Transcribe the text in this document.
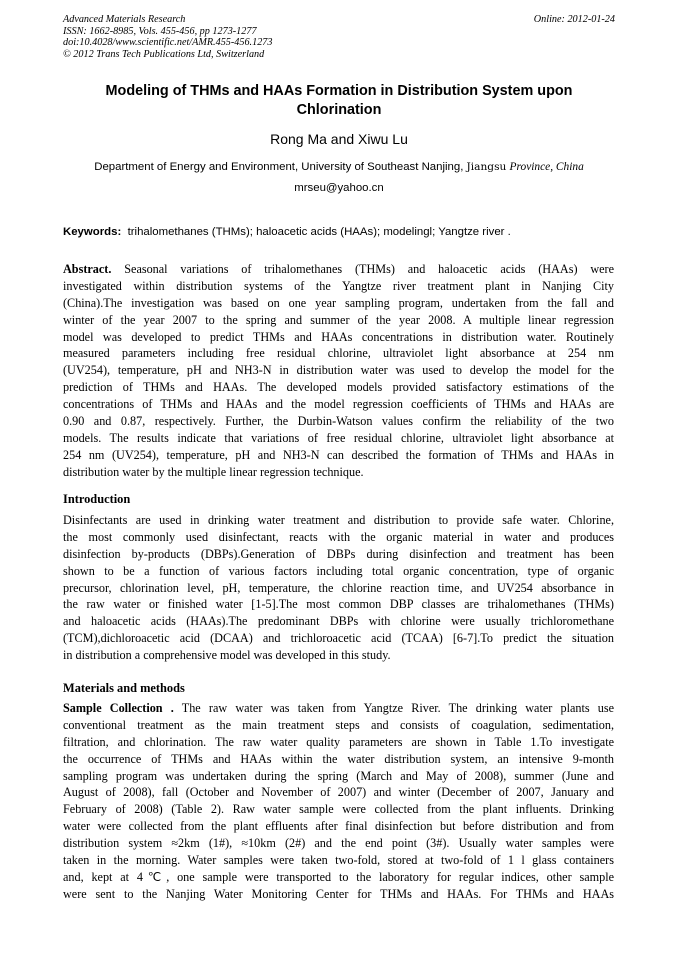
Advanced Materials Research
ISSN: 1662-8985, Vols. 455-456, pp 1273-1277
doi:10.4028/www.scientific.net/AMR.455-456.1273
© 2012 Trans Tech Publications Ltd, Switzerland
Online: 2012-01-24
Modeling of THMs and HAAs Formation in Distribution System upon Chlorination
Rong Ma and Xiwu Lu
Department of Energy and Environment, University of Southeast Nanjing, Jiangsu Province, China
mrseu@yahoo.cn
Keywords: trihalomethanes (THMs); haloacetic acids (HAAs); modelingl; Yangtze river .
Abstract. Seasonal variations of trihalomethanes (THMs) and haloacetic acids (HAAs) were
investigated within distribution systems of the Yangtze river treatment plant in Nanjing City
(China).The investigation was based on one year sampling program, undertaken from the fall and
winter of the year 2007 to the spring and summer of the year 2008. A multiple linear regression
model was developed to predict THMs and HAAs concentrations in distribution water. Routinely
measured parameters including free residual chlorine, ultraviolet light absorbance at 254 nm
(UV254), temperature, pH and NH3-N in distribution water was used to develop the model for the
prediction of THMs and HAAs. The developed models provided satisfactory estimations of the
concentrations of THMs and HAAs and the model regression coefficients of THMs and HAAs are
0.90 and 0.87, respectively. Further, the Durbin-Watson values confirm the reliability of the two
models. The results indicate that variations of free residual chlorine, ultraviolet light absorbance at
254 nm (UV254), temperature, pH and NH3-N can described the formation of THMs and HAAs in
distribution water by the multiple linear regression technique.
Introduction
Disinfectants are used in drinking water treatment and distribution to provide safe water. Chlorine,
the most commonly used disinfectant, reacts with the organic material in water and produces
disinfection by-products (DBPs).Generation of DBPs during disinfection and treatment has been
shown to be a function of various factors including total organic concentration, type of organic
precursor, chlorination level, pH, temperature, the chlorine reaction time, and UV254 absorbance in
the raw water or finished water [1-5].The most common DBP classes are trihalomethanes (THMs)
and haloacetic acids (HAAs).The predominant DBPs with chlorine were usually trichloromethane
(TCM),dichloroacetic acid (DCAA) and trichloroacetic acid (TCAA) [6-7].To predict the situation
in distribution a comprehensive model was developed in this study.
Materials and methods
Sample Collection . The raw water was taken from Yangtze River. The drinking water plants use
conventional treatment as the main treatment steps and consists of coagulation, sedimentation,
filtration, and chlorination. The raw water quality parameters are shown in Table 1.To investigate
the occurrence of THMs and HAAs within the water distribution system, an intensive 9-month
sampling program was undertaken during the spring (March and May of 2008), summer (June and
August of 2008), fall (October and November of 2007) and winter (December of 2007, January and
February of 2008) (Table 2). Raw water sample were collected from the plant influents. Drinking
water were collected from the plant effluents after final disinfection but before distribution and from
distribution system ≈2km (1#), ≈10km (2#) and the end point (3#). Usually water samples were
taken in the morning. Water samples were taken two-fold, stored at two-fold of 1 l glass containers
and, kept at 4℃, one sample were transported to the laboratory for regular indices, other sample
were sent to the Nanjing Water Monitoring Center for THMs and HAAs. For THMs and HAAs
